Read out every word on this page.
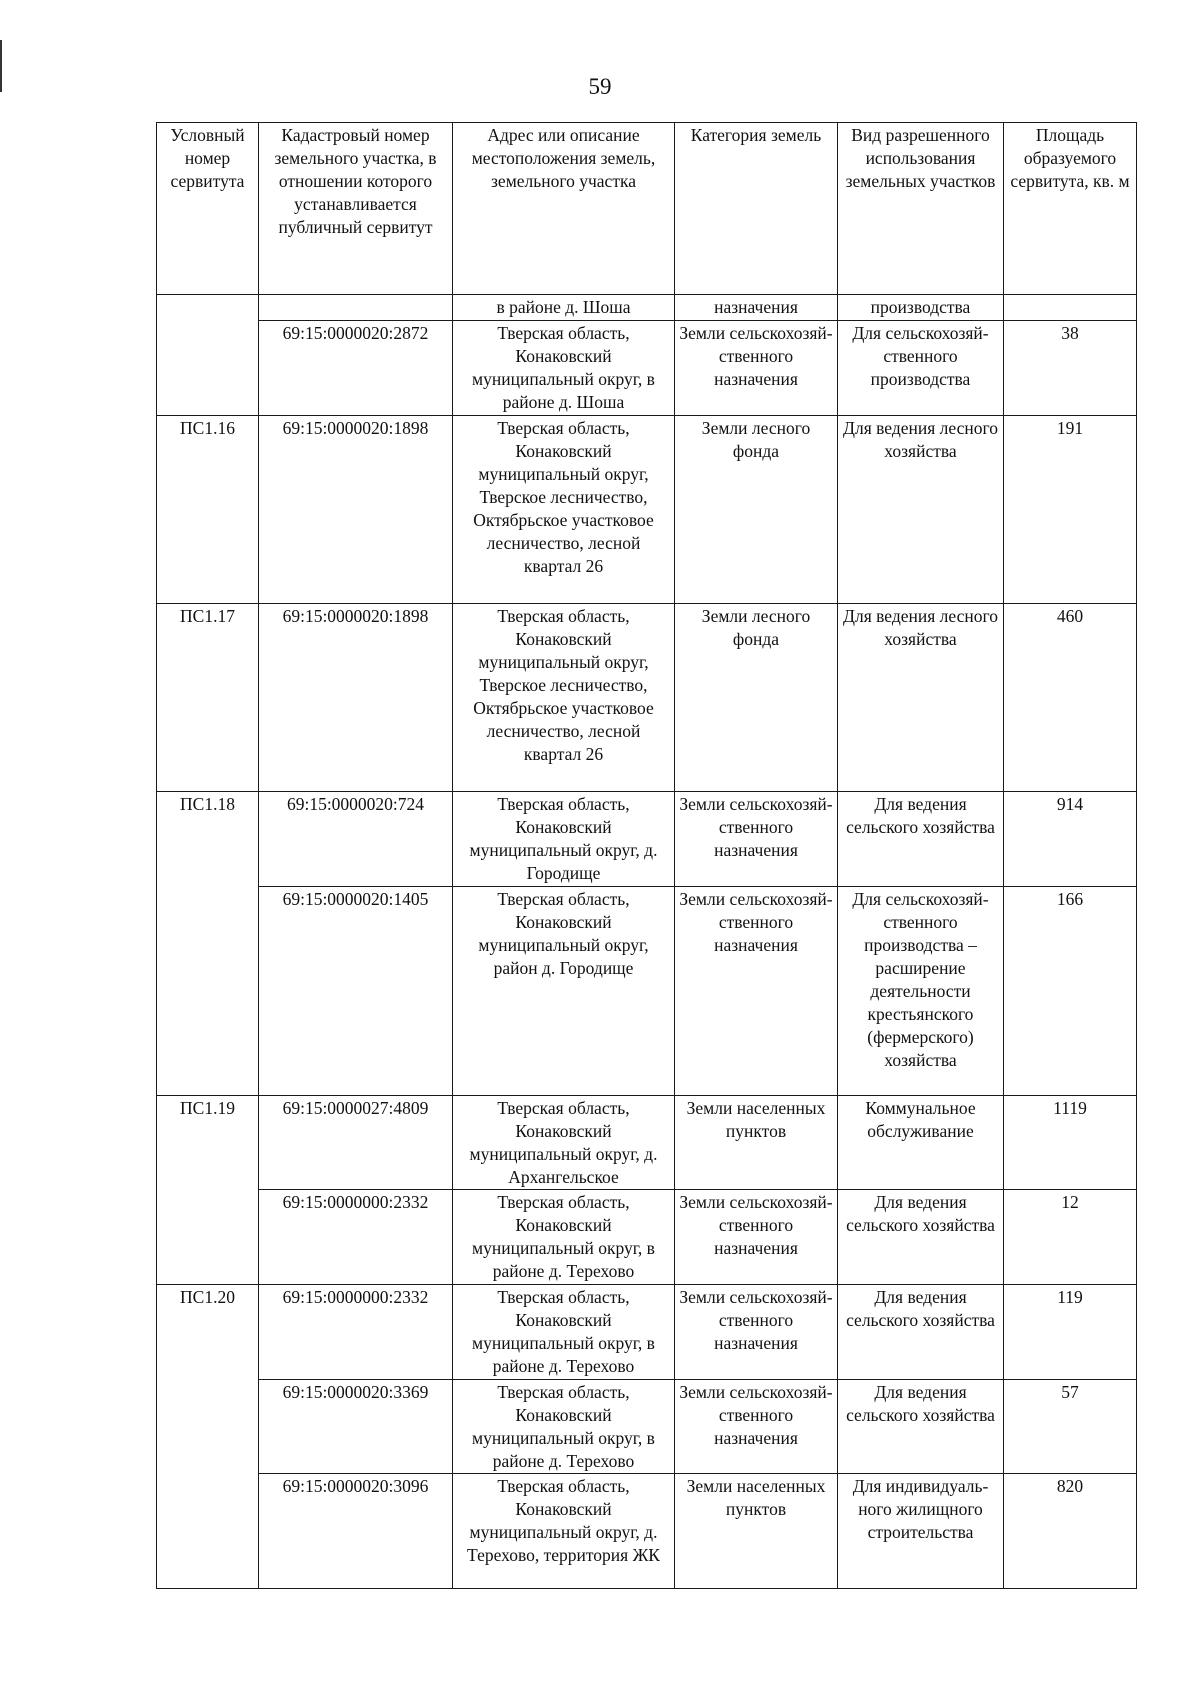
59
Условный номер сервитута	Кадастровый номер земельного участка, в отношении которого устанавливается публичный сервитут	Адрес или описание местоположения земель, земельного участка	Категория земель	Вид разрешенного использования земельных участков	Площадь образуемого сервитута, кв. м
		в районе д. Шоша	назначения	производства	
	69:15:0000020:2872	Тверская область, Конаковский муниципальный округ, в районе д. Шоша	Земли сельскохозяй-ственного назначения	Для сельскохозяй-ственного производства	38
ПС1.16	69:15:0000020:1898	Тверская область, Конаковский муниципальный округ, Тверское лесничество, Октябрьское участковое лесничество, лесной квартал 26	Земли лесного фонда	Для ведения лесного хозяйства	191
ПС1.17	69:15:0000020:1898	Тверская область, Конаковский муниципальный округ, Тверское лесничество, Октябрьское участковое лесничество, лесной квартал 26	Земли лесного фонда	Для ведения лесного хозяйства	460
ПС1.18	69:15:0000020:724	Тверская область, Конаковский муниципальный округ, д. Городище	Земли сельскохозяй-ственного назначения	Для ведения сельского хозяйства	914
	69:15:0000020:1405	Тверская область, Конаковский муниципальный округ, район д. Городище	Земли сельскохозяй-ственного назначения	Для сельскохозяй-ственного производства – расширение деятельности крестьянского (фермерского) хозяйства	166
ПС1.19	69:15:0000027:4809	Тверская область, Конаковский муниципальный округ, д. Архангельское	Земли населенных пунктов	Коммунальное обслуживание	1119
	69:15:0000000:2332	Тверская область, Конаковский муниципальный округ, в районе д. Терехово	Земли сельскохозяй-ственного назначения	Для ведения сельского хозяйства	12
ПС1.20	69:15:0000000:2332	Тверская область, Конаковский муниципальный округ, в районе д. Терехово	Земли сельскохозяй-ственного назначения	Для ведения сельского хозяйства	119
	69:15:0000020:3369	Тверская область, Конаковский муниципальный округ, в районе д. Терехово	Земли сельскохозяй-ственного назначения	Для ведения сельского хозяйства	57
	69:15:0000020:3096	Тверская область, Конаковский муниципальный округ, д. Терехово, территория ЖК	Земли населенных пунктов	Для индивидуаль-ного жилищного строительства	820
